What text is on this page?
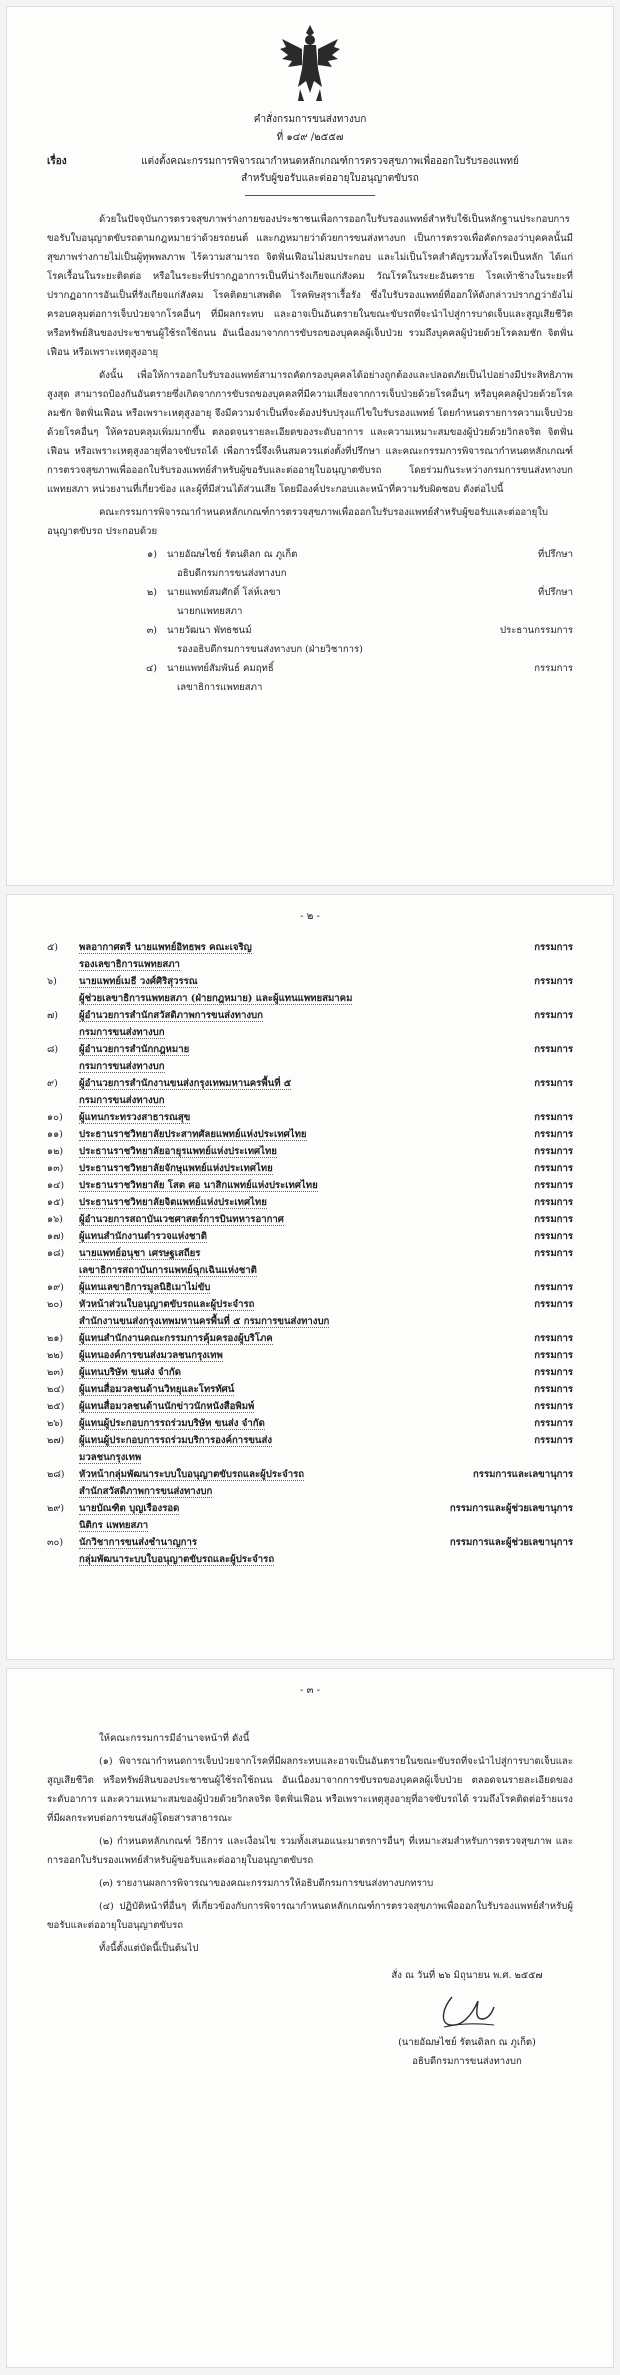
คำสั่งกรมการขนส่งทางบก
ที่ ๑๔๙ /๒๕๕๗
เรื่อง	แต่งตั้งคณะกรรมการพิจารณากำหนดหลักเกณฑ์การตรวจสุขภาพเพื่อออกใบรับรองแพทย์
สำหรับผู้ขอรับและต่ออายุใบอนุญาตขับรถ

ด้วยในปัจจุบันการตรวจสุขภาพร่างกายของประชาชนเพื่อการออกใบรับรองแพทย์สำหรับใช้เป็นหลักฐานประกอบการขอรับใบอนุญาตขับรถตามกฎหมายว่าด้วยรถยนต์ และกฎหมายว่าด้วยการขนส่งทางบก เป็นการตรวจเพื่อคัดกรองว่าบุคคลนั้นมีสุขภาพร่างกายไม่เป็นผู้ทุพพลภาพ ไร้ความสามารถ จิตฟั่นเฟือนไม่สมประกอบ และไม่เป็นโรคสำคัญรวมทั้งโรคเป็นหลัก ได้แก่ โรคเรื้อนในระยะติดต่อ หรือในระยะที่ปรากฏอาการเป็นที่น่ารังเกียจแก่สังคม วัณโรคในระยะอันตราย โรคเท้าช้างในระยะที่ปรากฏอาการอันเป็นที่รังเกียจแก่สังคม โรคติดยาเสพติด โรคพิษสุราเรื้อรัง ซึ่งใบรับรองแพทย์ที่ออกให้ดังกล่าวปรากฏว่ายังไม่ครอบคลุมต่อการเจ็บป่วยจากโรคอื่นๆ ที่มีผลกระทบ และอาจเป็นอันตรายในขณะขับรถที่จะนำไปสู่การบาดเจ็บและสูญเสียชีวิต หรือทรัพย์สินของประชาชนผู้ใช้รถใช้ถนน อันเนื่องมาจากการขับรถของบุคคลผู้เจ็บป่วย รวมถึงบุคคลผู้ป่วยด้วยโรคลมชัก จิตฟั่นเฟือน หรือเพราะเหตุสูงอายุ

ดังนั้น เพื่อให้การออกใบรับรองแพทย์สามารถคัดกรองบุคคลได้อย่างถูกต้องและปลอดภัยเป็นไปอย่างมีประสิทธิภาพสูงสุด สามารถป้องกันอันตรายซึ่งเกิดจากการขับรถของบุคคลที่มีความเสี่ยงจากการเจ็บป่วยด้วยโรคอื่นๆ หรือบุคคลผู้ป่วยด้วยโรคลมชัก จิตฟั่นเฟือน หรือเพราะเหตุสูงอายุ จึงมีความจำเป็นที่จะต้องปรับปรุงแก้ไขใบรับรองแพทย์ โดยกำหนดรายการความเจ็บป่วยด้วยโรคอื่นๆ ให้ครอบคลุมเพิ่มมากขึ้น ตลอดจนรายละเอียดของระดับอาการ และความเหมาะสมของผู้ป่วยด้วยวิกลจริต จิตฟั่นเฟือน หรือเพราะเหตุสูงอายุที่อาจขับรถได้ เพื่อการนี้จึงเห็นสมควรแต่งตั้งที่ปรึกษา และคณะกรรมการพิจารณากำหนดหลักเกณฑ์การตรวจสุขภาพเพื่อออกใบรับรองแพทย์สำหรับผู้ขอรับและต่ออายุใบอนุญาตขับรถ โดยร่วมกันระหว่างกรมการขนส่งทางบก แพทยสภา หน่วยงานที่เกี่ยวข้อง และผู้ที่มีส่วนได้ส่วนเสีย โดยมีองค์ประกอบและหน้าที่ความรับผิดชอบ ดังต่อไปนี้

คณะกรรมการพิจารณากำหนดหลักเกณฑ์การตรวจสุขภาพเพื่อออกใบรับรองแพทย์สำหรับผู้ขอรับและต่ออายุใบอนุญาตขับรถ ประกอบด้วย

๑)	นายอัฌษไชย์ รัตนดิลก ณ ภูเก็ต	ที่ปรึกษา
อธิบดีกรมการขนส่งทางบก
๒)	นายแพทย์สมศักดิ์ โล่ห์เลขา	ที่ปรึกษา
นายกแพทยสภา
๓)	นายวัฒนา พัทธชนม์	ประธานกรรมการ
รองอธิบดีกรมการขนส่งทางบก (ฝ่ายวิชาการ)
๔)	นายแพทย์สัมพันธ์ คมฤทธิ์	กรรมการ
เลขาธิการแพทยสภา
- ๒ -
๕)	พลอากาศตรี นายแพทย์อิทธพร คณะเจริญ	กรรมการ
รองเลขาธิการแพทยสภา
๖)	นายแพทย์เมธี วงศ์ศิริสุวรรณ	กรรมการ
ผู้ช่วยเลขาธิการแพทยสภา (ฝ่ายกฎหมาย) และผู้แทนแพทยสมาคม
๗)	ผู้อำนวยการสำนักสวัสดิภาพการขนส่งทางบก	กรรมการ
กรมการขนส่งทางบก
๘)	ผู้อำนวยการสำนักกฎหมาย	กรรมการ
กรมการขนส่งทางบก
๙)	ผู้อำนวยการสำนักงานขนส่งกรุงเทพมหานครพื้นที่ ๕	กรรมการ
กรมการขนส่งทางบก
๑๐)	ผู้แทนกระทรวงสาธารณสุข	กรรมการ
๑๑)	ประธานราชวิทยาลัยประสาทศัลยแพทย์แห่งประเทศไทย	กรรมการ
๑๒)	ประธานราชวิทยาลัยอายุรแพทย์แห่งประเทศไทย	กรรมการ
๑๓)	ประธานราชวิทยาลัยจักษุแพทย์แห่งประเทศไทย	กรรมการ
๑๔)	ประธานราชวิทยาลัย โสต ศอ นาสิกแพทย์แห่งประเทศไทย	กรรมการ
๑๕)	ประธานราชวิทยาลัยจิตแพทย์แห่งประเทศไทย	กรรมการ
๑๖)	ผู้อำนวยการสถาบันเวชศาสตร์การบินทหารอากาศ	กรรมการ
๑๗)	ผู้แทนสำนักงานตำรวจแห่งชาติ	กรรมการ
๑๘)	นายแพทย์อนุชา เศรษฐเสถียร	กรรมการ
เลขาธิการสถาบันการแพทย์ฉุกเฉินแห่งชาติ
๑๙)	ผู้แทนเลขาธิการมูลนิธิเมาไม่ขับ	กรรมการ
๒๐)	หัวหน้าส่วนใบอนุญาตขับรถและผู้ประจำรถ	กรรมการ
สำนักงานขนส่งกรุงเทพมหานครพื้นที่ ๕ กรมการขนส่งทางบก
๒๑)	ผู้แทนสำนักงานคณะกรรมการคุ้มครองผู้บริโภค	กรรมการ
๒๒)	ผู้แทนองค์การขนส่งมวลชนกรุงเทพ	กรรมการ
๒๓)	ผู้แทนบริษัท ขนส่ง จำกัด	กรรมการ
๒๔)	ผู้แทนสื่อมวลชนด้านวิทยุและโทรทัศน์	กรรมการ
๒๕)	ผู้แทนสื่อมวลชนด้านนักข่าวนักหนังสือพิมพ์	กรรมการ
๒๖)	ผู้แทนผู้ประกอบการรถร่วมบริษัท ขนส่ง จำกัด	กรรมการ
๒๗)	ผู้แทนผู้ประกอบการรถร่วมบริการองค์การขนส่ง	กรรมการ
มวลชนกรุงเทพ
๒๘)	หัวหน้ากลุ่มพัฒนาระบบใบอนุญาตขับรถและผู้ประจำรถ	กรรมการและเลขานุการ
สำนักสวัสดิภาพการขนส่งทางบก
๒๙)	นายบัณฑิต บุญเรืองรอด	กรรมการและผู้ช่วยเลขานุการ
นิติกร แพทยสภา
๓๐)	นักวิชาการขนส่งชำนาญการ	กรรมการและผู้ช่วยเลขานุการ
กลุ่มพัฒนาระบบใบอนุญาตขับรถและผู้ประจำรถ
- ๓ -

ให้คณะกรรมการมีอำนาจหน้าที่ ดังนี้

(๑) พิจารณากำหนดการเจ็บป่วยจากโรคที่มีผลกระทบและอาจเป็นอันตรายในขณะขับรถที่จะนำไปสู่การบาดเจ็บและสูญเสียชีวิต หรือทรัพย์สินของประชาชนผู้ใช้รถใช้ถนน อันเนื่องมาจากการขับรถของบุคคลผู้เจ็บป่วย ตลอดจนรายละเอียดของระดับอาการ และความเหมาะสมของผู้ป่วยด้วยวิกลจริต จิตฟั่นเฟือน หรือเพราะเหตุสูงอายุที่อาจขับรถได้ รวมถึงโรคติดต่อร้ายแรงที่มีผลกระทบต่อการขนส่งผู้โดยสารสาธารณะ

(๒) กำหนดหลักเกณฑ์ วิธีการ และเงื่อนไข รวมทั้งเสนอแนะมาตรการอื่นๆ ที่เหมาะสมสำหรับการตรวจสุขภาพ และการออกใบรับรองแพทย์สำหรับผู้ขอรับและต่ออายุใบอนุญาตขับรถ

(๓) รายงานผลการพิจารณาของคณะกรรมการให้อธิบดีกรมการขนส่งทางบกทราบ

(๔) ปฏิบัติหน้าที่อื่นๆ ที่เกี่ยวข้องกับการพิจารณากำหนดหลักเกณฑ์การตรวจสุขภาพเพื่อออกใบรับรองแพทย์สำหรับผู้ขอรับและต่ออายุใบอนุญาตขับรถ

ทั้งนี้ตั้งแต่บัดนี้เป็นต้นไป

สั่ง ณ วันที่ ๒๖ มิถุนายน พ.ศ. ๒๕๕๗
(นายอัฌษไชย์ รัตนดิลก ณ ภูเก็ต)
อธิบดีกรมการขนส่งทางบก
